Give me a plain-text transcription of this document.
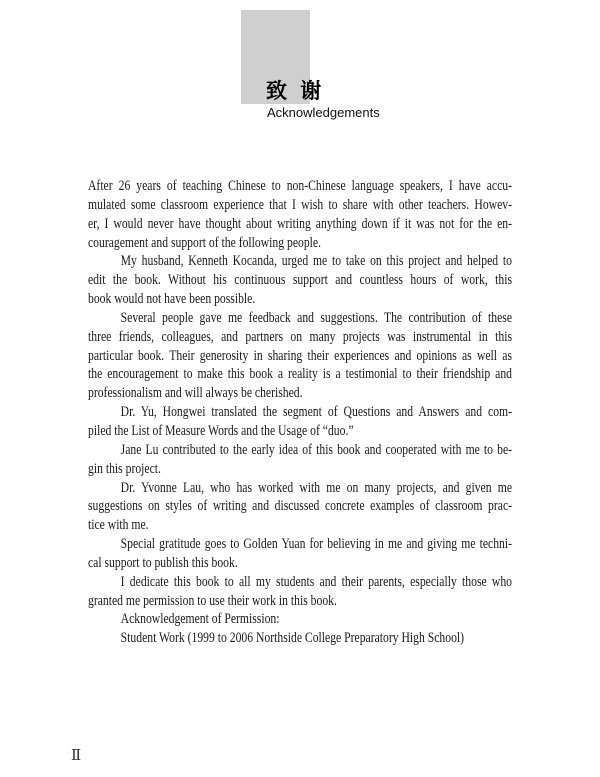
致 谢
Acknowledgements
After 26 years of teaching Chinese to non-Chinese language speakers, I have accu-
mulated some classroom experience that I wish to share with other teachers. Howev-
er, I would never have thought about writing anything down if it was not for the en-
couragement and support of the following people.
My husband, Kenneth Kocanda, urged me to take on this project and helped to
edit the book. Without his continuous support and countless hours of work, this
book would not have been possible.
Several people gave me feedback and suggestions. The contribution of these
three friends, colleagues, and partners on many projects was instrumental in this
particular book. Their generosity in sharing their experiences and opinions as well as
the encouragement to make this book a reality is a testimonial to their friendship and
professionalism and will always be cherished.
Dr. Yu, Hongwei translated the segment of Questions and Answers and com-
piled the List of Measure Words and the Usage of “duo.”
Jane Lu contributed to the early idea of this book and cooperated with me to be-
gin this project.
Dr. Yvonne Lau, who has worked with me on many projects, and given me
suggestions on styles of writing and discussed concrete examples of classroom prac-
tice with me.
Special gratitude goes to Golden Yuan for believing in me and giving me techni-
cal support to publish this book.
I dedicate this book to all my students and their parents, especially those who
granted me permission to use their work in this book.
Acknowledgement of Permission:
Student Work (1999 to 2006 Northside College Preparatory High School)
Ⅱ
